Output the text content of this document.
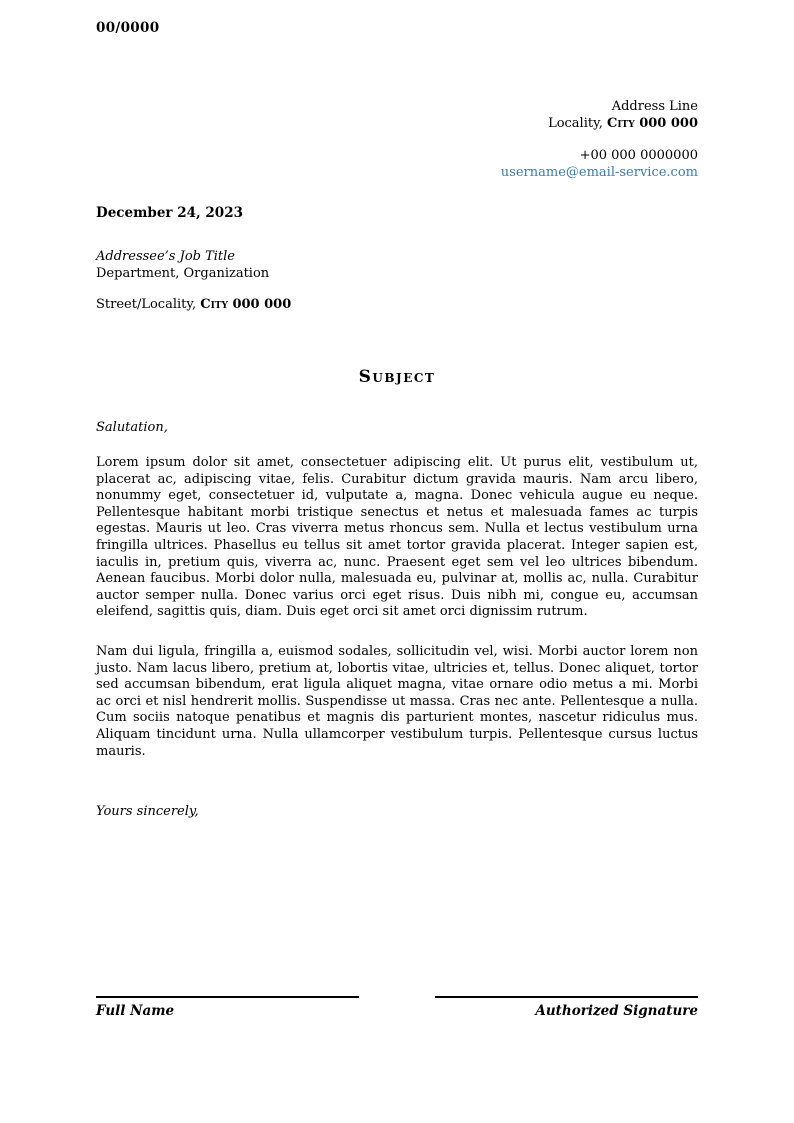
00/0000
Address Line
Locality, City 000 000
+00 000 0000000
username@email-service.com
December 24, 2023
Addressee’s Job Title
Department, Organization
Street/Locality, City 000 000
Subject
Salutation,

Lorem ipsum dolor sit amet, consectetuer adipiscing elit. Ut purus elit, vestibulum ut, placerat ac, adipiscing vitae, felis. Curabitur dictum gravida mauris. Nam arcu libero, nonummy eget, consectetuer id, vulputate a, magna. Donec vehicula augue eu neque. Pellentesque habitant morbi tristique senectus et netus et malesuada fames ac turpis egestas. Mauris ut leo. Cras viverra metus rhoncus sem. Nulla et lectus vestibulum urna fringilla ultrices. Phasellus eu tellus sit amet tortor gravida placerat. Integer sapien est, iaculis in, pretium quis, viverra ac, nunc. Praesent eget sem vel leo ultrices bibendum. Aenean faucibus. Morbi dolor nulla, malesuada eu, pulvinar at, mollis ac, nulla. Curabitur auctor semper nulla. Donec varius orci eget risus. Duis nibh mi, congue eu, accumsan eleifend, sagittis quis, diam. Duis eget orci sit amet orci dignissim rutrum.

Nam dui ligula, fringilla a, euismod sodales, sollicitudin vel, wisi. Morbi auctor lorem non justo. Nam lacus libero, pretium at, lobortis vitae, ultricies et, tellus. Donec aliquet, tortor sed accumsan bibendum, erat ligula aliquet magna, vitae ornare odio metus a mi. Morbi ac orci et nisl hendrerit mollis. Suspendisse ut massa. Cras nec ante. Pellentesque a nulla. Cum sociis natoque penatibus et magnis dis parturient montes, nascetur ridiculus mus. Aliquam tincidunt urna. Nulla ullamcorper vestibulum turpis. Pellentesque cursus luctus mauris.

Yours sincerely,
Full Name	Authorized Signature
